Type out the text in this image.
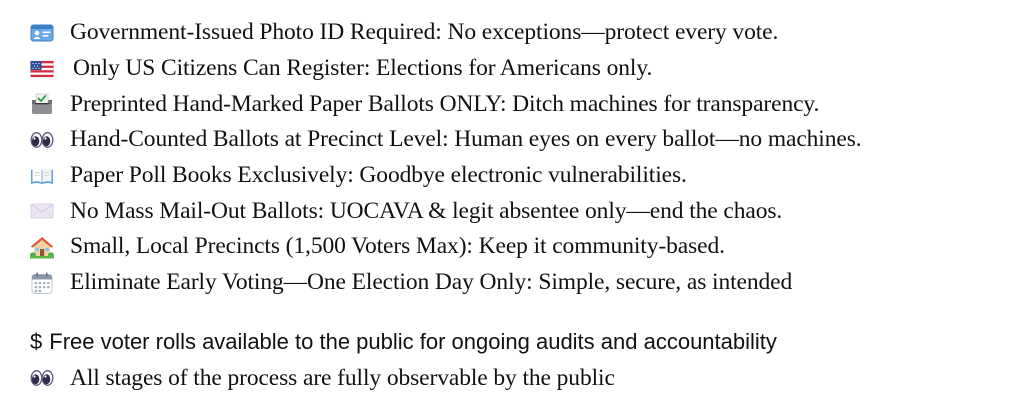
Government-Issued Photo ID Required: No exceptions—protect every vote.
Only US Citizens Can Register: Elections for Americans only.
Preprinted Hand-Marked Paper Ballots ONLY: Ditch machines for transparency.
Hand-Counted Ballots at Precinct Level: Human eyes on every ballot—no machines.
Paper Poll Books Exclusively: Goodbye electronic vulnerabilities.
No Mass Mail-Out Ballots: UOCAVA & legit absentee only—end the chaos.
Small, Local Precincts (1,500 Voters Max): Keep it community-based.
Eliminate Early Voting—One Election Day Only: Simple, secure, as intended
$ Free voter rolls available to the public for ongoing audits and accountability
All stages of the process are fully observable by the public
